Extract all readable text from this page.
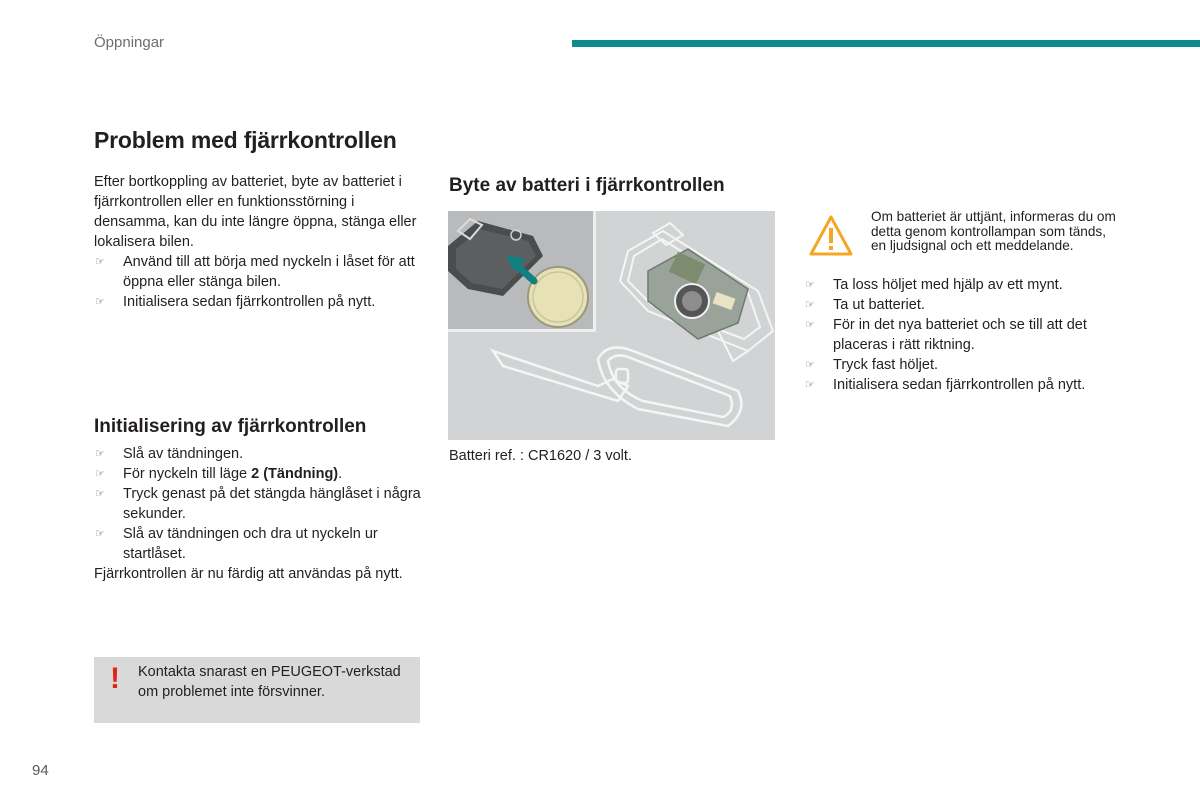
Öppningar
Problem med fjärrkontrollen

Efter bortkoppling av batteriet, byte av batteriet i fjärrkontrollen eller en funktionsstörning i densamma, kan du inte längre öppna, stänga eller lokalisera bilen.

☞ Använd till att börja med nyckeln i låset för att öppna eller stänga bilen.
☞ Initialisera sedan fjärrkontrollen på nytt.
Initialisering av fjärrkontrollen
☞ Slå av tändningen.
☞ För nyckeln till läge 2 (Tändning).
☞ Tryck genast på det stängda hänglåset i några sekunder.
☞ Slå av tändningen och dra ut nyckeln ur startlåset.

Fjärrkontrollen är nu färdig att användas på nytt.

! Kontakta snarast en PEUGEOT-verkstad om problemet inte försvinner.
Byte av batteri i fjärrkontrollen
Batteri ref. : CR1620 / 3 volt.
Om batteriet är uttjänt, informeras du om detta genom kontrollampan som tänds, en ljudsignal och ett meddelande.
☞ Ta loss höljet med hjälp av ett mynt.
☞ Ta ut batteriet.
☞ För in det nya batteriet och se till att det placeras i rätt riktning.
☞ Tryck fast höljet.
☞ Initialisera sedan fjärrkontrollen på nytt.
94
